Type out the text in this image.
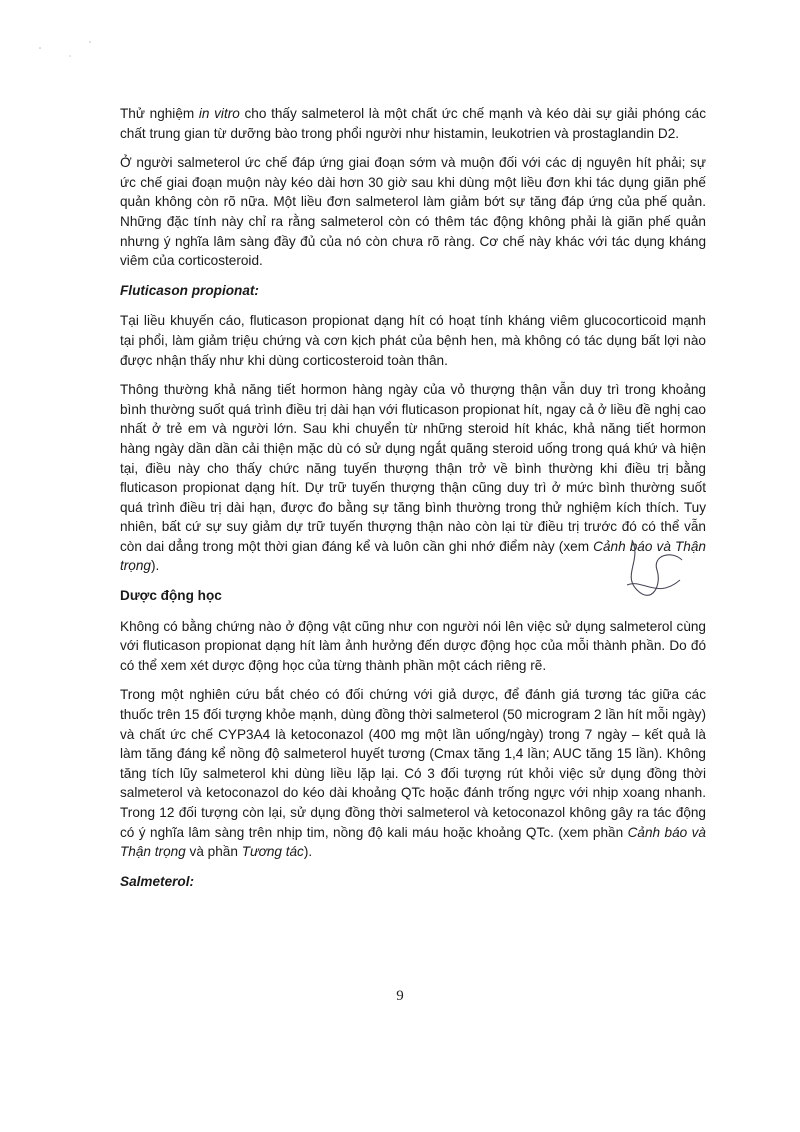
Thử nghiệm in vitro cho thấy salmeterol là một chất ức chế mạnh và kéo dài sự giải phóng các chất trung gian từ dưỡng bào trong phổi người như histamin, leukotrien và prostaglandin D2.

Ở người salmeterol ức chế đáp ứng giai đoạn sớm và muộn đối với các dị nguyên hít phải; sự ức chế giai đoạn muộn này kéo dài hơn 30 giờ sau khi dùng một liều đơn khi tác dụng giãn phế quản không còn rõ nữa. Một liều đơn salmeterol làm giảm bớt sự tăng đáp ứng của phế quản. Những đặc tính này chỉ ra rằng salmeterol còn có thêm tác động không phải là giãn phế quản nhưng ý nghĩa lâm sàng đầy đủ của nó còn chưa rõ ràng. Cơ chế này khác với tác dụng kháng viêm của corticosteroid.

Fluticason propionat:

Tại liều khuyến cáo, fluticason propionat dạng hít có hoạt tính kháng viêm glucocorticoid mạnh tại phổi, làm giảm triệu chứng và cơn kịch phát của bệnh hen, mà không có tác dụng bất lợi nào được nhận thấy như khi dùng corticosteroid toàn thân.

Thông thường khả năng tiết hormon hàng ngày của vỏ thượng thận vẫn duy trì trong khoảng bình thường suốt quá trình điều trị dài hạn với fluticason propionat hít, ngay cả ở liều đề nghị cao nhất ở trẻ em và người lớn. Sau khi chuyển từ những steroid hít khác, khả năng tiết hormon hàng ngày dần dần cải thiện mặc dù có sử dụng ngắt quãng steroid uống trong quá khứ và hiện tại, điều này cho thấy chức năng tuyến thượng thận trở về bình thường khi điều trị bằng fluticason propionat dạng hít. Dự trữ tuyến thượng thận cũng duy trì ở mức bình thường suốt quá trình điều trị dài hạn, được đo bằng sự tăng bình thường trong thử nghiệm kích thích. Tuy nhiên, bất cứ sự suy giảm dự trữ tuyến thượng thận nào còn lại từ điều trị trước đó có thể vẫn còn dai dẳng trong một thời gian đáng kể và luôn cần ghi nhớ điểm này (xem Cảnh báo và Thận trọng).

Dược động học

Không có bằng chứng nào ở động vật cũng như con người nói lên việc sử dụng salmeterol cùng với fluticason propionat dạng hít làm ảnh hưởng đến dược động học của mỗi thành phần. Do đó có thể xem xét dược động học của từng thành phần một cách riêng rẽ.

Trong một nghiên cứu bắt chéo có đối chứng với giả dược, để đánh giá tương tác giữa các thuốc trên 15 đối tượng khỏe mạnh, dùng đồng thời salmeterol (50 microgram 2 lần hít mỗi ngày) và chất ức chế CYP3A4 là ketoconazol (400 mg một lần uống/ngày) trong 7 ngày – kết quả là làm tăng đáng kể nồng độ salmeterol huyết tương (Cmax tăng 1,4 lần; AUC tăng 15 lần). Không tăng tích lũy salmeterol khi dùng liều lặp lại. Có 3 đối tượng rút khỏi việc sử dụng đồng thời salmeterol và ketoconazol do kéo dài khoảng QTc hoặc đánh trống ngực với nhịp xoang nhanh. Trong 12 đối tượng còn lại, sử dụng đồng thời salmeterol và ketoconazol không gây ra tác động có ý nghĩa lâm sàng trên nhịp tim, nồng độ kali máu hoặc khoảng QTc. (xem phần Cảnh báo và Thận trọng và phần Tương tác).

Salmeterol:

9
